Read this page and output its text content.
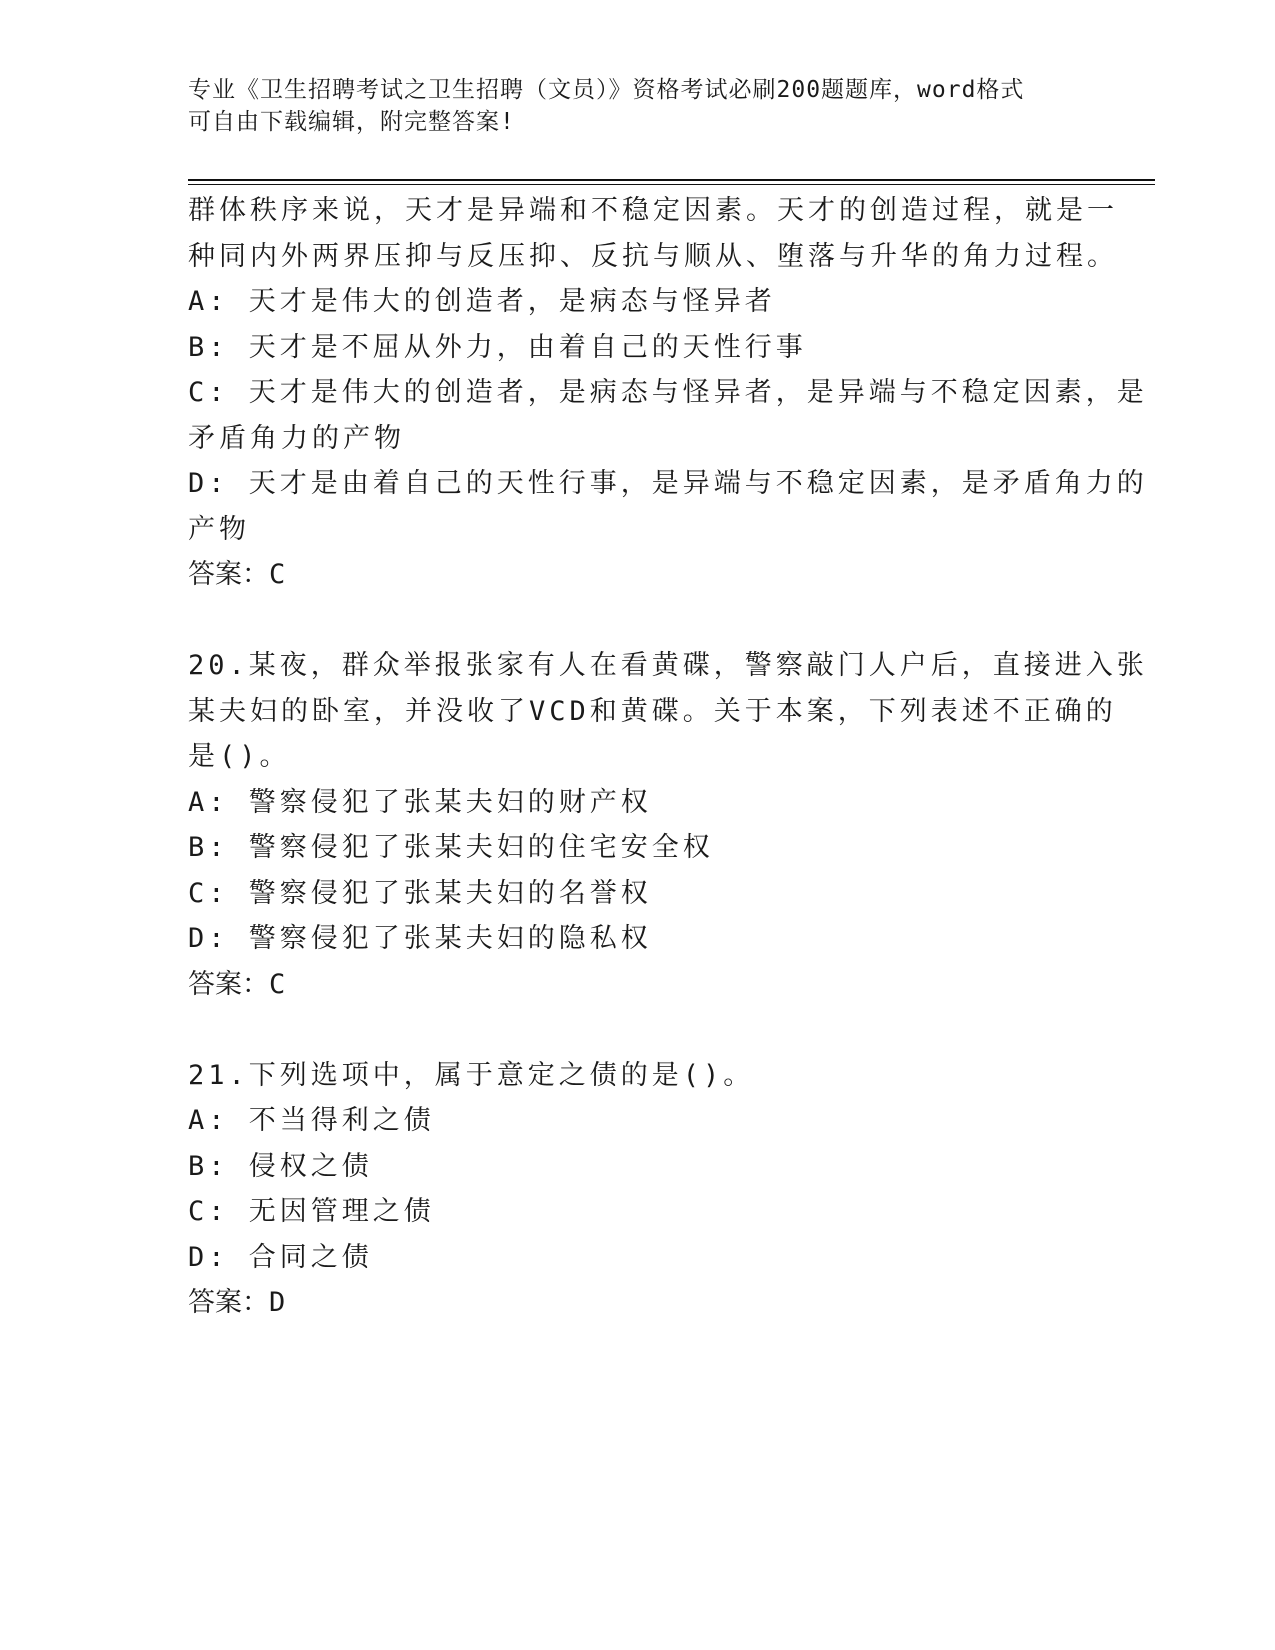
专业《卫生招聘考试之卫生招聘（文员）》资格考试必刷200题题库，word格式
可自由下载编辑，附完整答案!
群体秩序来说，天才是异端和不稳定因素。天才的创造过程，就是一
种同内外两界压抑与反压抑、反抗与顺从、堕落与升华的角力过程。
A: 天才是伟大的创造者，是病态与怪异者
B: 天才是不屈从外力，由着自己的天性行事
C: 天才是伟大的创造者，是病态与怪异者，是异端与不稳定因素，是
矛盾角力的产物
D: 天才是由着自己的天性行事，是异端与不稳定因素，是矛盾角力的
产物
答案：C
20.某夜，群众举报张家有人在看黄碟，警察敲门人户后，直接进入张
某夫妇的卧室，并没收了VCD和黄碟。关于本案，下列表述不正确的
是()。
A: 警察侵犯了张某夫妇的财产权
B: 警察侵犯了张某夫妇的住宅安全权
C: 警察侵犯了张某夫妇的名誉权
D: 警察侵犯了张某夫妇的隐私权
答案：C
21.下列选项中，属于意定之债的是()。
A: 不当得利之债
B: 侵权之债
C: 无因管理之债
D: 合同之债
答案：D
